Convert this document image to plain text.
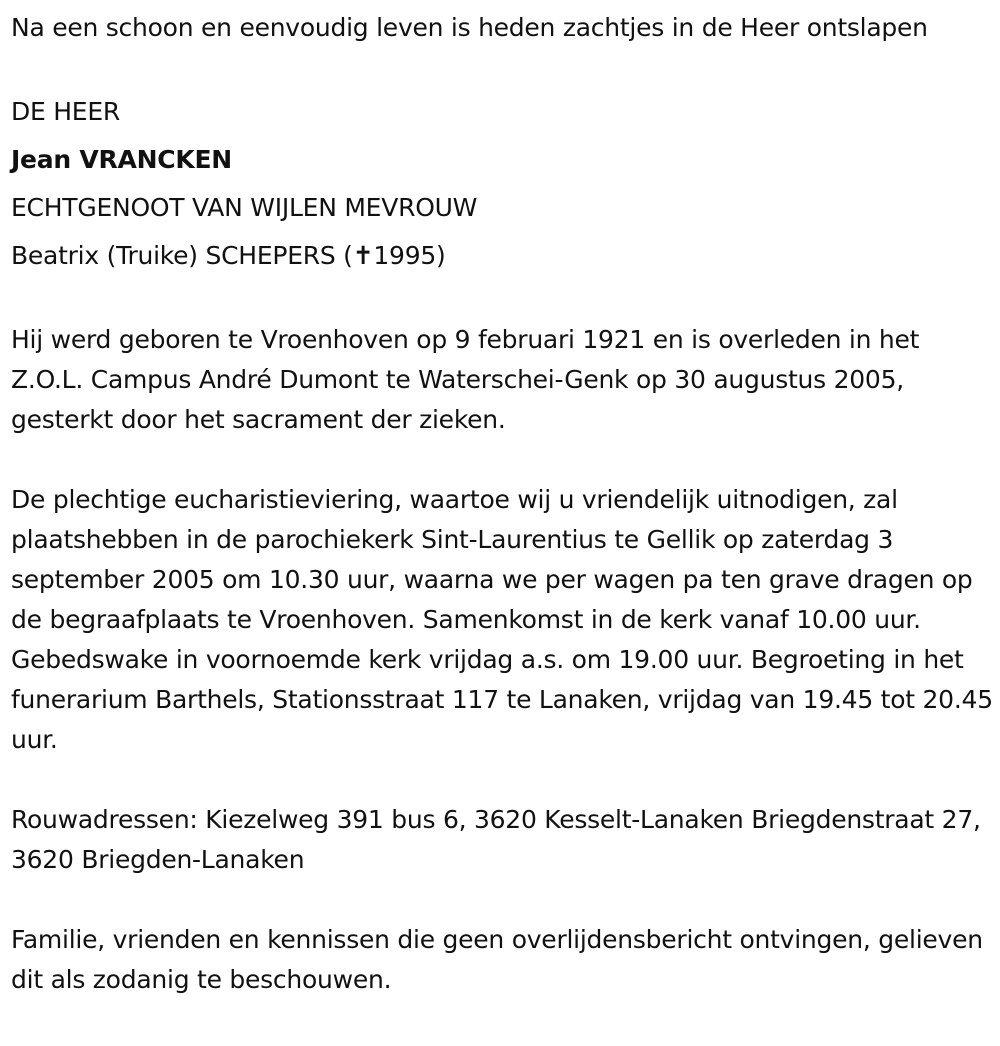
Na een schoon en eenvoudig leven is heden zachtjes in de Heer ontslapen

DE HEER

Jean VRANCKEN

ECHTGENOOT VAN WIJLEN MEVROUW

Beatrix (Truike) SCHEPERS (✝1995)

Hij werd geboren te Vroenhoven op 9 februari 1921 en is overleden in het Z.O.L. Campus André Dumont te Waterschei-Genk op 30 augustus 2005, gesterkt door het sacrament der zieken.

De plechtige eucharistieviering, waartoe wij u vriendelijk uitnodigen, zal plaatshebben in de parochiekerk Sint-Laurentius te Gellik op zaterdag 3 september 2005 om 10.30 uur, waarna we per wagen pa ten grave dragen op de begraafplaats te Vroenhoven. Samenkomst in de kerk vanaf 10.00 uur. Gebedswake in voornoemde kerk vrijdag a.s. om 19.00 uur. Begroeting in het funerarium Barthels, Stationsstraat 117 te Lanaken, vrijdag van 19.45 tot 20.45 uur.

Rouwadressen: Kiezelweg 391 bus 6, 3620 Kesselt-Lanaken Briegdenstraat 27, 3620 Briegden-Lanaken

Familie, vrienden en kennissen die geen overlijdensbericht ontvingen, gelieven dit als zodanig te beschouwen.
